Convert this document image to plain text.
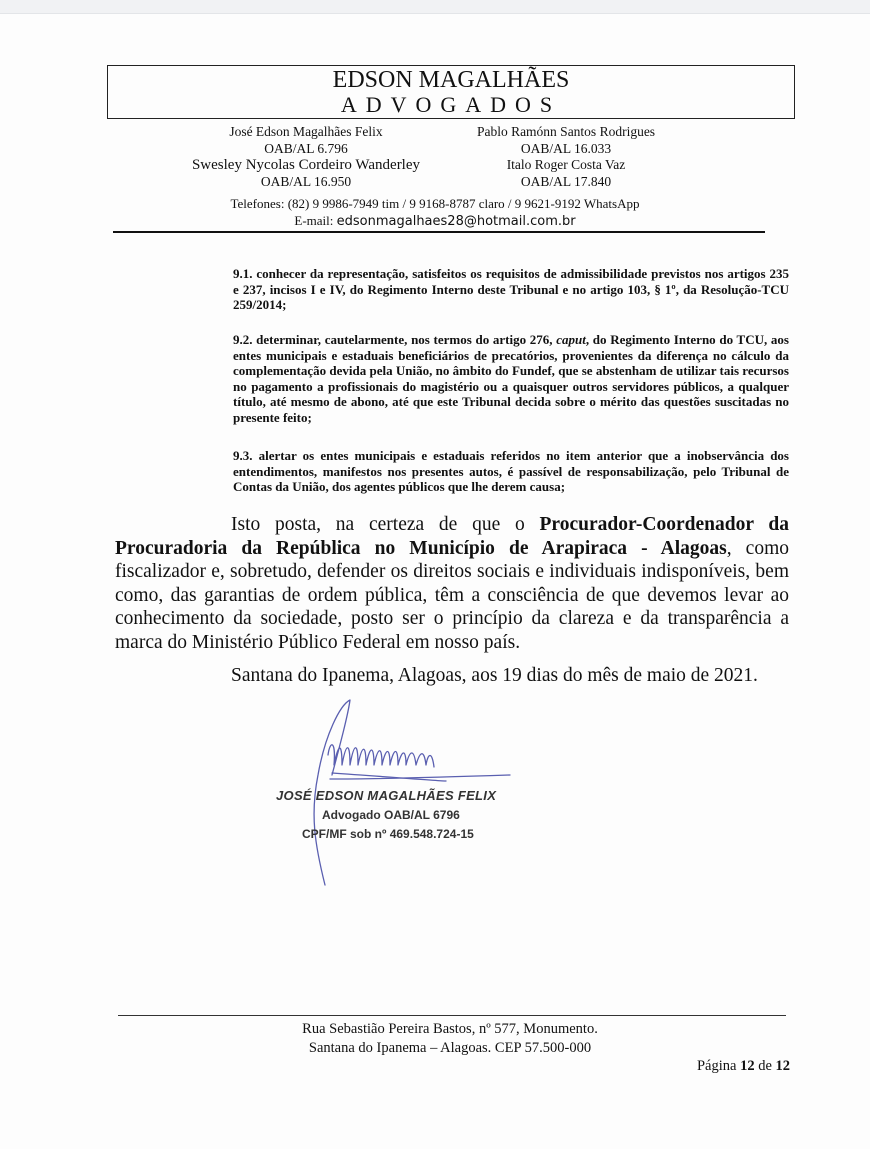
EDSON MAGALHÃES
ADVOGADOS
José Edson Magalhães Felix
OAB/AL 6.796
Pablo Ramónn Santos Rodrigues
OAB/AL 16.033
Swesley Nycolas Cordeiro Wanderley
OAB/AL 16.950
Italo Roger Costa Vaz
OAB/AL 17.840
Telefones: (82) 9 9986-7949 tim / 9 9168-8787 claro / 9 9621-9192 WhatsApp
E-mail: edsonmagalhaes28@hotmail.com.br
9.1. conhecer da representação, satisfeitos os requisitos de admissibilidade previstos nos artigos 235 e 237, incisos I e IV, do Regimento Interno deste Tribunal e no artigo 103, § 1º, da Resolução-TCU 259/2014;
9.2. determinar, cautelarmente, nos termos do artigo 276, caput, do Regimento Interno do TCU, aos entes municipais e estaduais beneficiários de precatórios, provenientes da diferença no cálculo da complementação devida pela União, no âmbito do Fundef, que se abstenham de utilizar tais recursos no pagamento a profissionais do magistério ou a quaisquer outros servidores públicos, a qualquer título, até mesmo de abono, até que este Tribunal decida sobre o mérito das questões suscitadas no presente feito;
9.3. alertar os entes municipais e estaduais referidos no item anterior que a inobservância dos entendimentos, manifestos nos presentes autos, é passível de responsabilização, pelo Tribunal de Contas da União, dos agentes públicos que lhe derem causa;
Isto posta, na certeza de que o Procurador-Coordenador da Procuradoria da República no Município de Arapiraca - Alagoas, como fiscalizador e, sobretudo, defender os direitos sociais e individuais indisponíveis, bem como, das garantias de ordem pública, têm a consciência de que devemos levar ao conhecimento da sociedade, posto ser o princípio da clareza e da transparência a marca do Ministério Público Federal em nosso país.
Santana do Ipanema, Alagoas, aos 19 dias do mês de maio de 2021.
JOSÉ EDSON MAGALHÃES FELIX
Advogado OAB/AL 6796
CPF/MF sob nº 469.548.724-15
Rua Sebastião Pereira Bastos, nº 577, Monumento.
Santana do Ipanema – Alagoas. CEP 57.500-000
Página 12 de 12
